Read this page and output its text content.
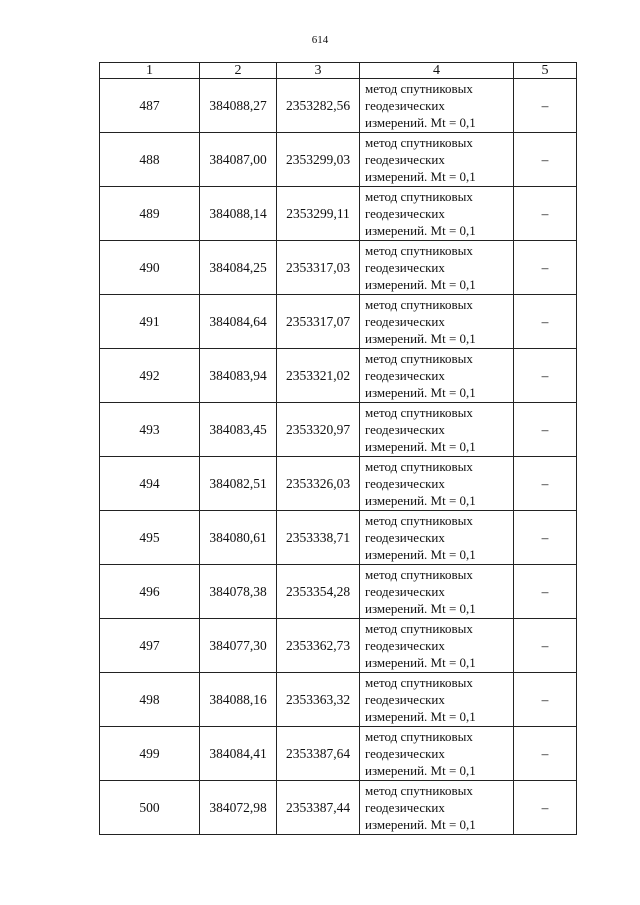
614
1	2	3	4	5
487	384088,27	2353282,56	метод спутниковых
геодезических
измерений. Mt = 0,1	–
488	384087,00	2353299,03	метод спутниковых
геодезических
измерений. Mt = 0,1	–
489	384088,14	2353299,11	метод спутниковых
геодезических
измерений. Mt = 0,1	–
490	384084,25	2353317,03	метод спутниковых
геодезических
измерений. Mt = 0,1	–
491	384084,64	2353317,07	метод спутниковых
геодезических
измерений. Mt = 0,1	–
492	384083,94	2353321,02	метод спутниковых
геодезических
измерений. Mt = 0,1	–
493	384083,45	2353320,97	метод спутниковых
геодезических
измерений. Mt = 0,1	–
494	384082,51	2353326,03	метод спутниковых
геодезических
измерений. Mt = 0,1	–
495	384080,61	2353338,71	метод спутниковых
геодезических
измерений. Mt = 0,1	–
496	384078,38	2353354,28	метод спутниковых
геодезических
измерений. Mt = 0,1	–
497	384077,30	2353362,73	метод спутниковых
геодезических
измерений. Mt = 0,1	–
498	384088,16	2353363,32	метод спутниковых
геодезических
измерений. Mt = 0,1	–
499	384084,41	2353387,64	метод спутниковых
геодезических
измерений. Mt = 0,1	–
500	384072,98	2353387,44	метод спутниковых
геодезических
измерений. Mt = 0,1	–
